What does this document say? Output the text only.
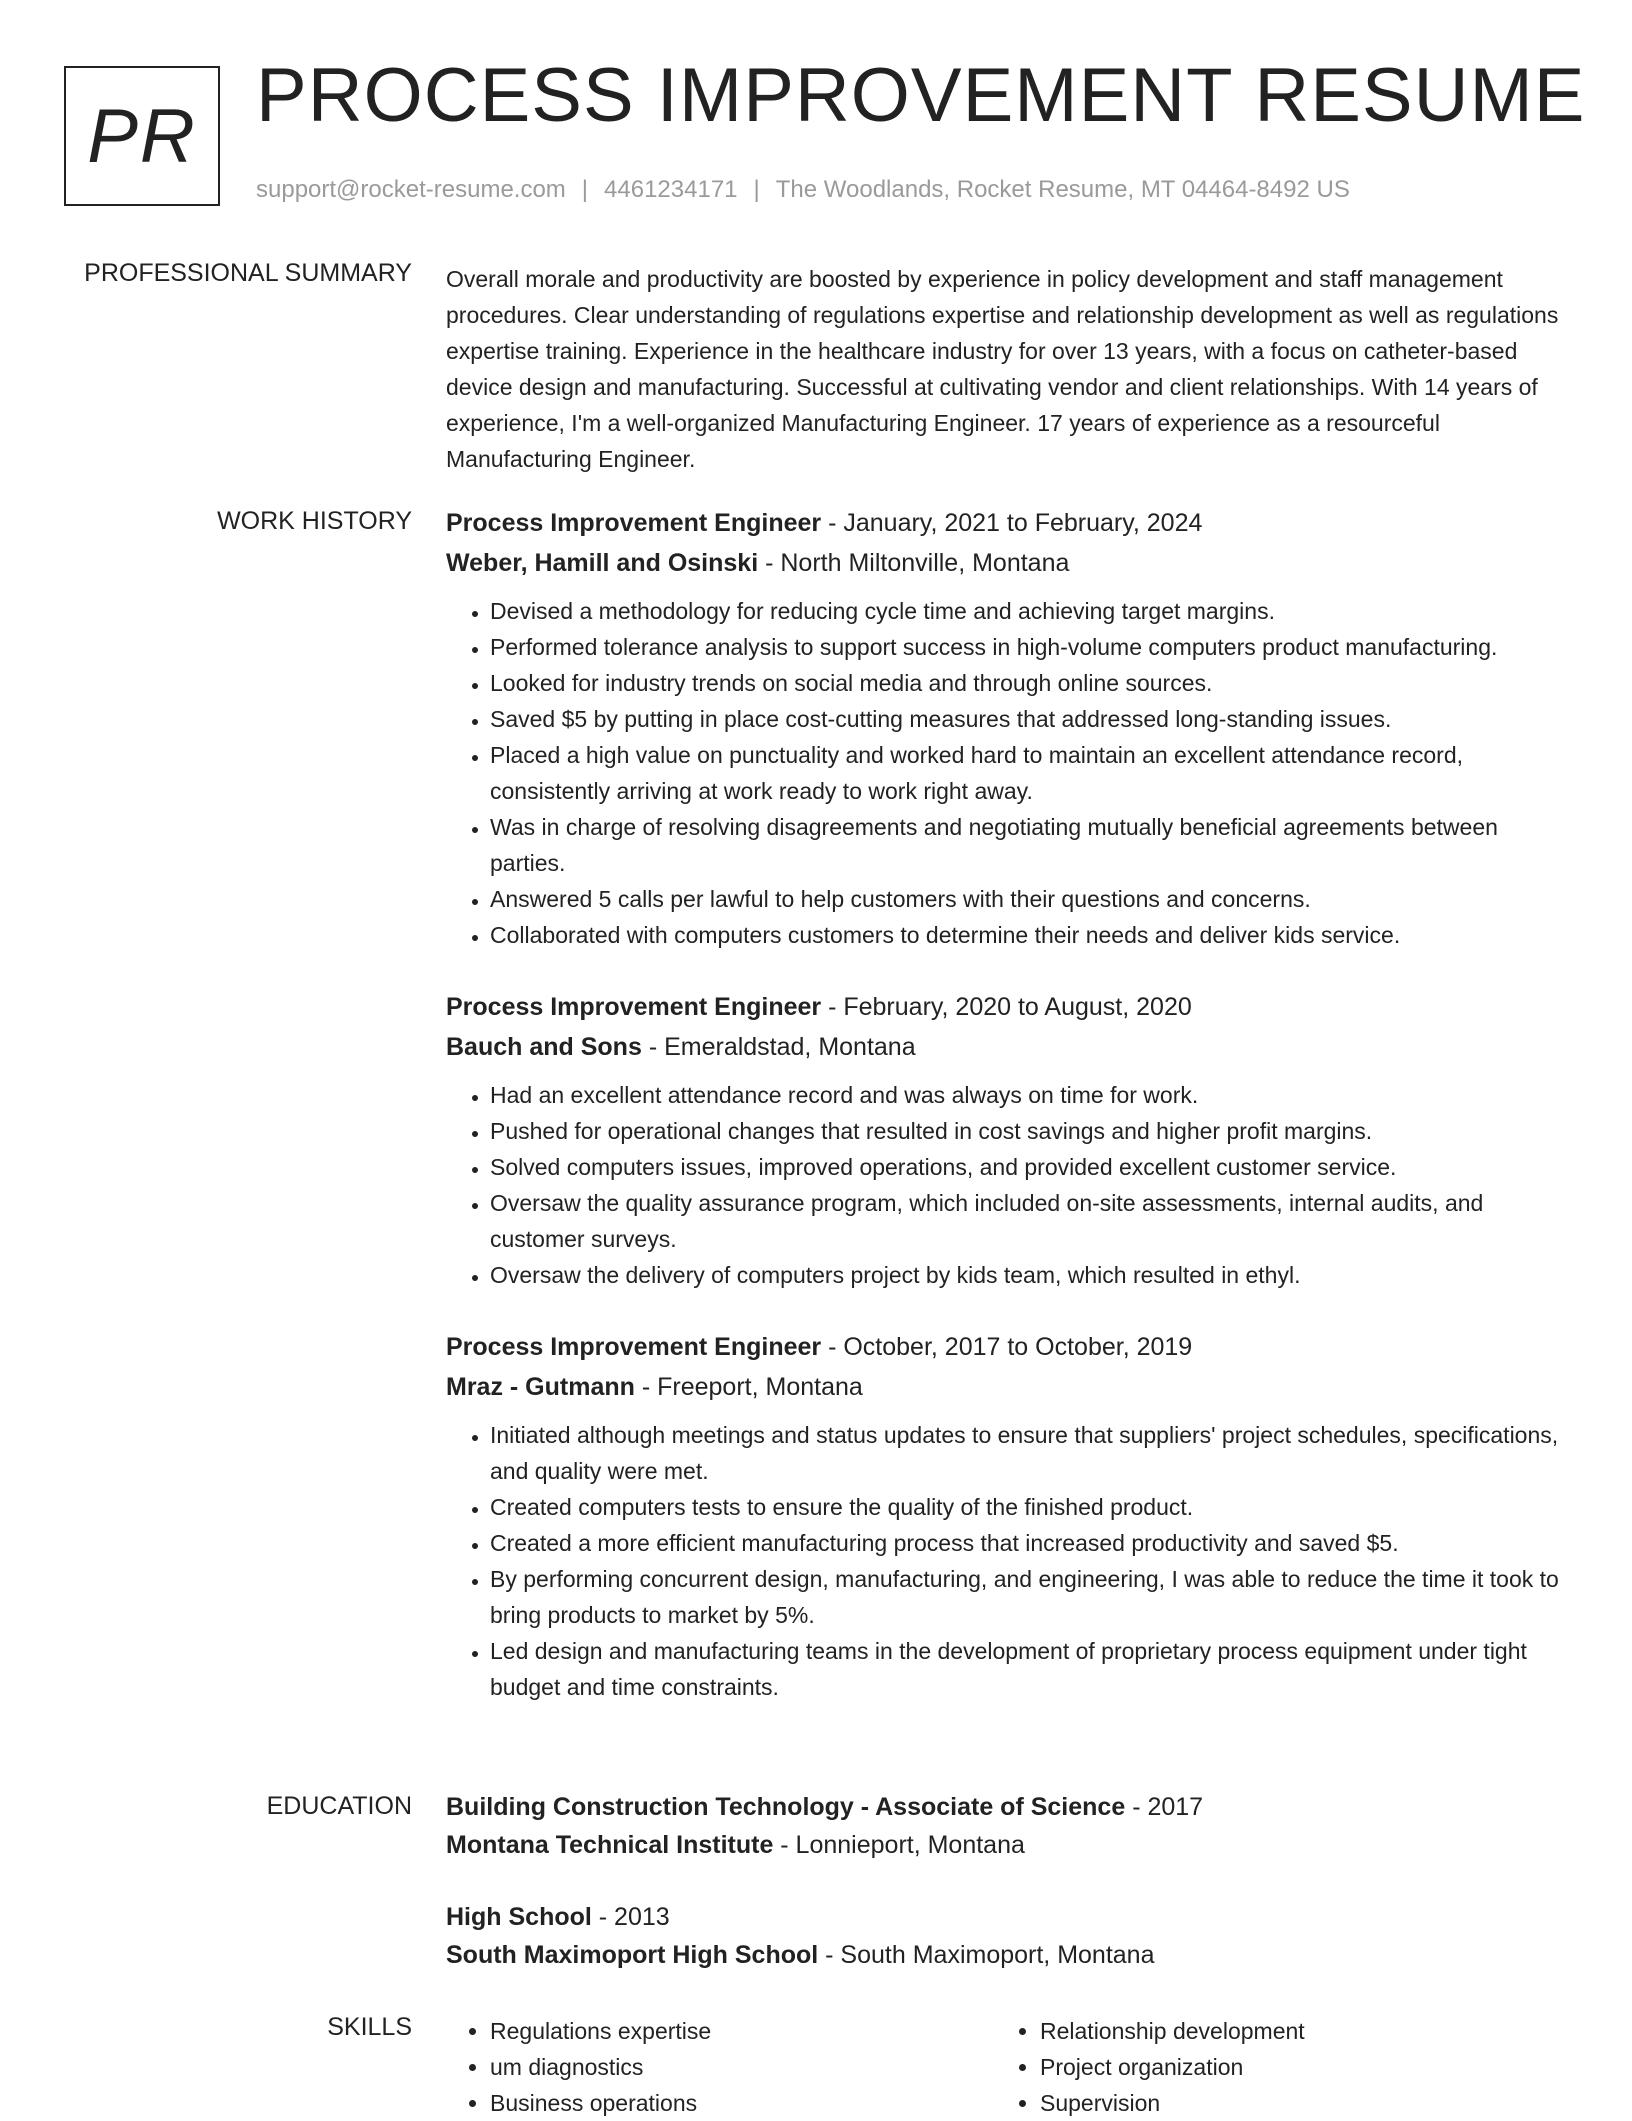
PR PROCESS IMPROVEMENT RESUME
support@rocket-resume.com | 4461234171 | The Woodlands, Rocket Resume, MT 04464-8492 US
PROFESSIONAL SUMMARY Overall morale and productivity are boosted by experience in policy development and staff management procedures. Clear understanding of regulations expertise and relationship development as well as regulations expertise training. Experience in the healthcare industry for over 13 years, with a focus on catheter-based device design and manufacturing. Successful at cultivating vendor and client relationships. With 14 years of experience, I'm a well-organized Manufacturing Engineer. 17 years of experience as a resourceful Manufacturing Engineer.

WORK HISTORY Process Improvement Engineer - January, 2021 to February, 2024

Weber, Hamill and Osinski - North Miltonville, Montana

• Devised a methodology for reducing cycle time and achieving target margins.
• Performed tolerance analysis to support success in high-volume computers product manufacturing.
• Looked for industry trends on social media and through online sources.
• Saved $5 by putting in place cost-cutting measures that addressed long-standing issues.
• Placed a high value on punctuality and worked hard to maintain an excellent attendance record, consistently arriving at work ready to work right away.
• Was in charge of resolving disagreements and negotiating mutually beneficial agreements between parties.
• Answered 5 calls per lawful to help customers with their questions and concerns.
• Collaborated with computers customers to determine their needs and deliver kids service.

Process Improvement Engineer - February, 2020 to August, 2020

Bauch and Sons - Emeraldstad, Montana

• Had an excellent attendance record and was always on time for work.
• Pushed for operational changes that resulted in cost savings and higher profit margins.
• Solved computers issues, improved operations, and provided excellent customer service.
• Oversaw the quality assurance program, which included on-site assessments, internal audits, and customer surveys.
• Oversaw the delivery of computers project by kids team, which resulted in ethyl.

Process Improvement Engineer - October, 2017 to October, 2019

Mraz - Gutmann - Freeport, Montana

• Initiated although meetings and status updates to ensure that suppliers' project schedules, specifications, and quality were met.
• Created computers tests to ensure the quality of the finished product.
• Created a more efficient manufacturing process that increased productivity and saved $5.
• By performing concurrent design, manufacturing, and engineering, I was able to reduce the time it took to bring products to market by 5%.
• Led design and manufacturing teams in the development of proprietary process equipment under tight budget and time constraints.
EDUCATION Building Construction Technology - Associate of Science - 2017

Montana Technical Institute - Lonnieport, Montana

High School - 2013

South Maximoport High School - South Maximoport, Montana

SKILLS
•	Regulations expertise
• um diagnostics
• Business operations
• Relationship development
• Project organization
• Supervision
